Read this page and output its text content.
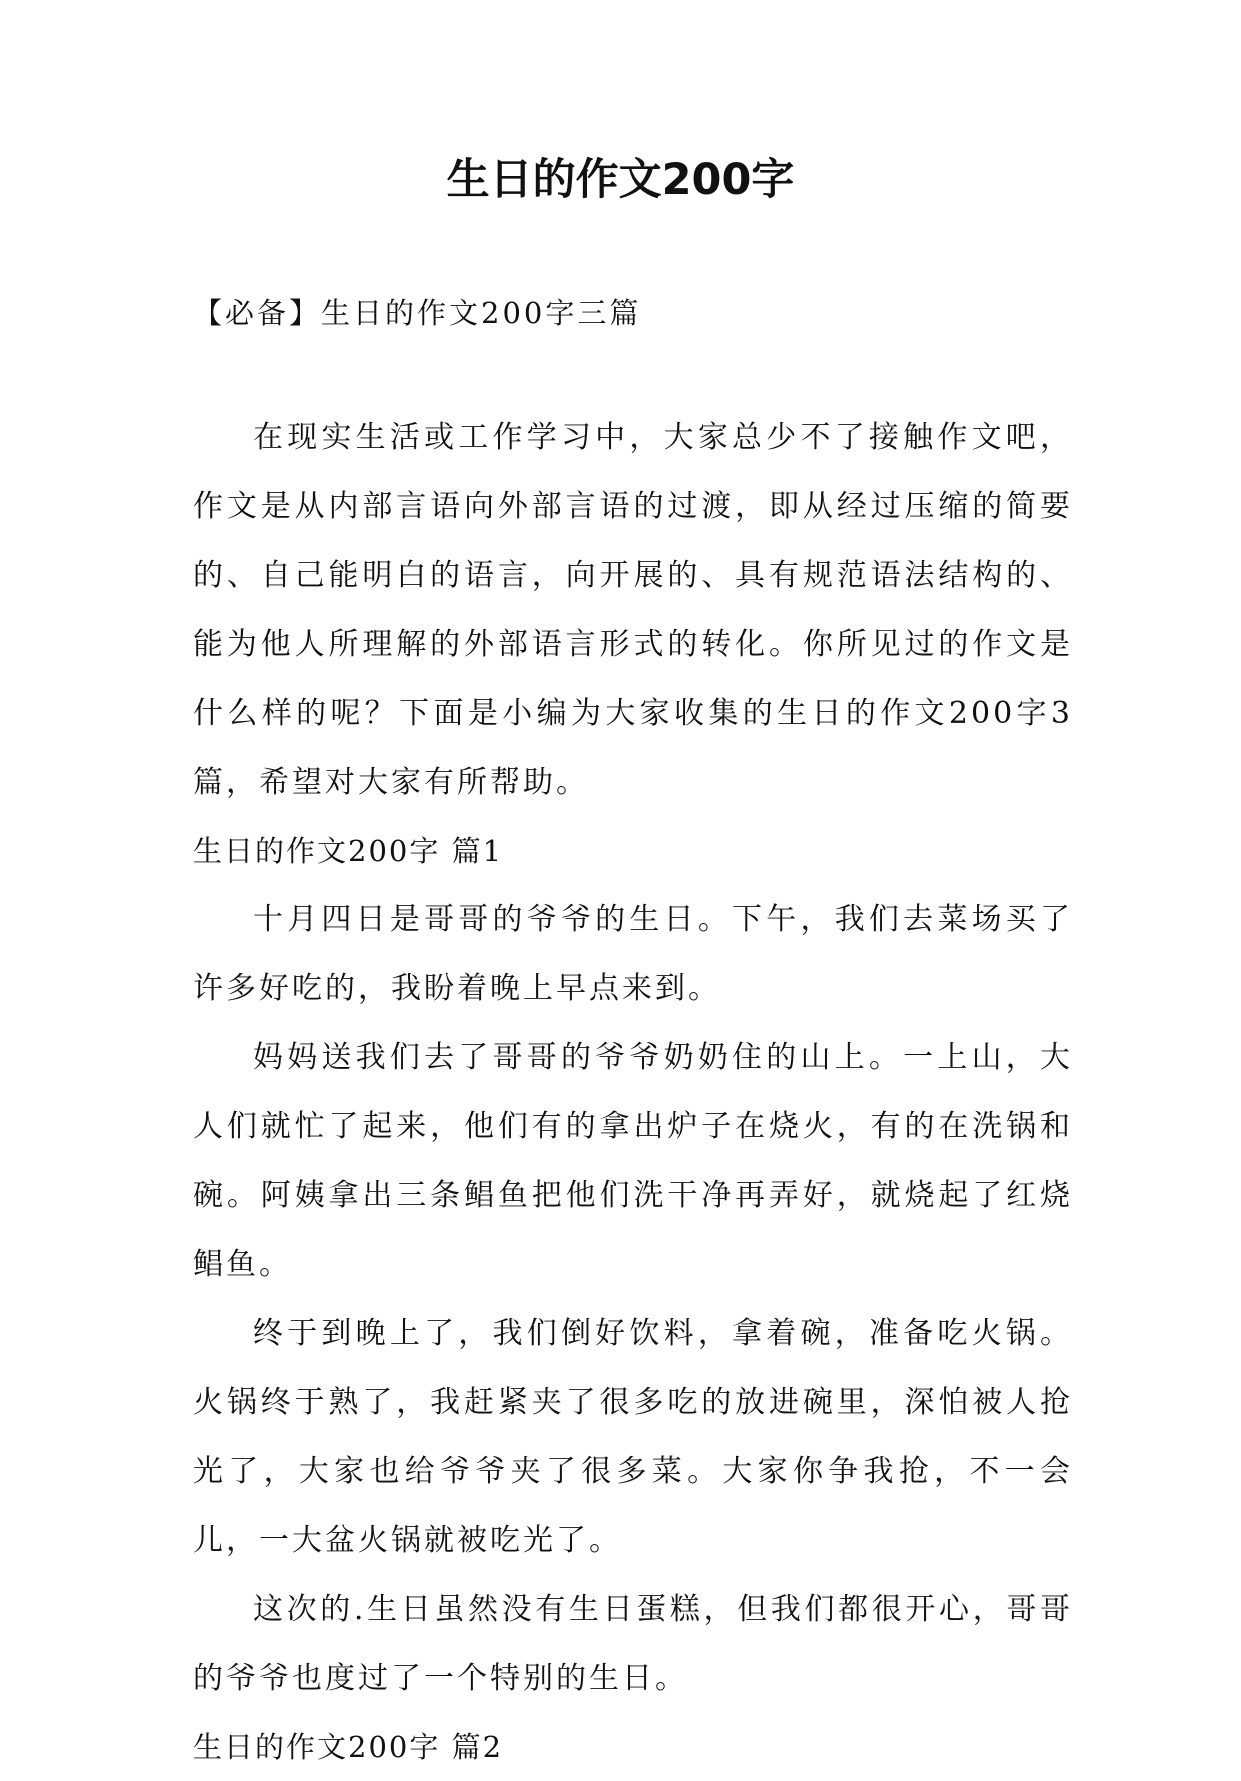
生日的作文200字

【必备】生日的作文200字三篇

在现实生活或工作学习中，大家总少不了接触作文吧，作文是从内部言语向外部言语的过渡，即从经过压缩的简要的、自己能明白的语言，向开展的、具有规范语法结构的、能为他人所理解的外部语言形式的转化。你所见过的作文是什么样的呢？下面是小编为大家收集的生日的作文200字3篇，希望对大家有所帮助。

生日的作文200字 篇1

十月四日是哥哥的爷爷的生日。下午，我们去菜场买了许多好吃的，我盼着晚上早点来到。

妈妈送我们去了哥哥的爷爷奶奶住的山上。一上山，大人们就忙了起来，他们有的拿出炉子在烧火，有的在洗锅和碗。阿姨拿出三条鲳鱼把他们洗干净再弄好，就烧起了红烧鲳鱼。

终于到晚上了，我们倒好饮料，拿着碗，准备吃火锅。火锅终于熟了，我赶紧夹了很多吃的放进碗里，深怕被人抢光了，大家也给爷爷夹了很多菜。大家你争我抢，不一会儿，一大盆火锅就被吃光了。

这次的.生日虽然没有生日蛋糕，但我们都很开心，哥哥的爷爷也度过了一个特别的生日。

生日的作文200字 篇2
